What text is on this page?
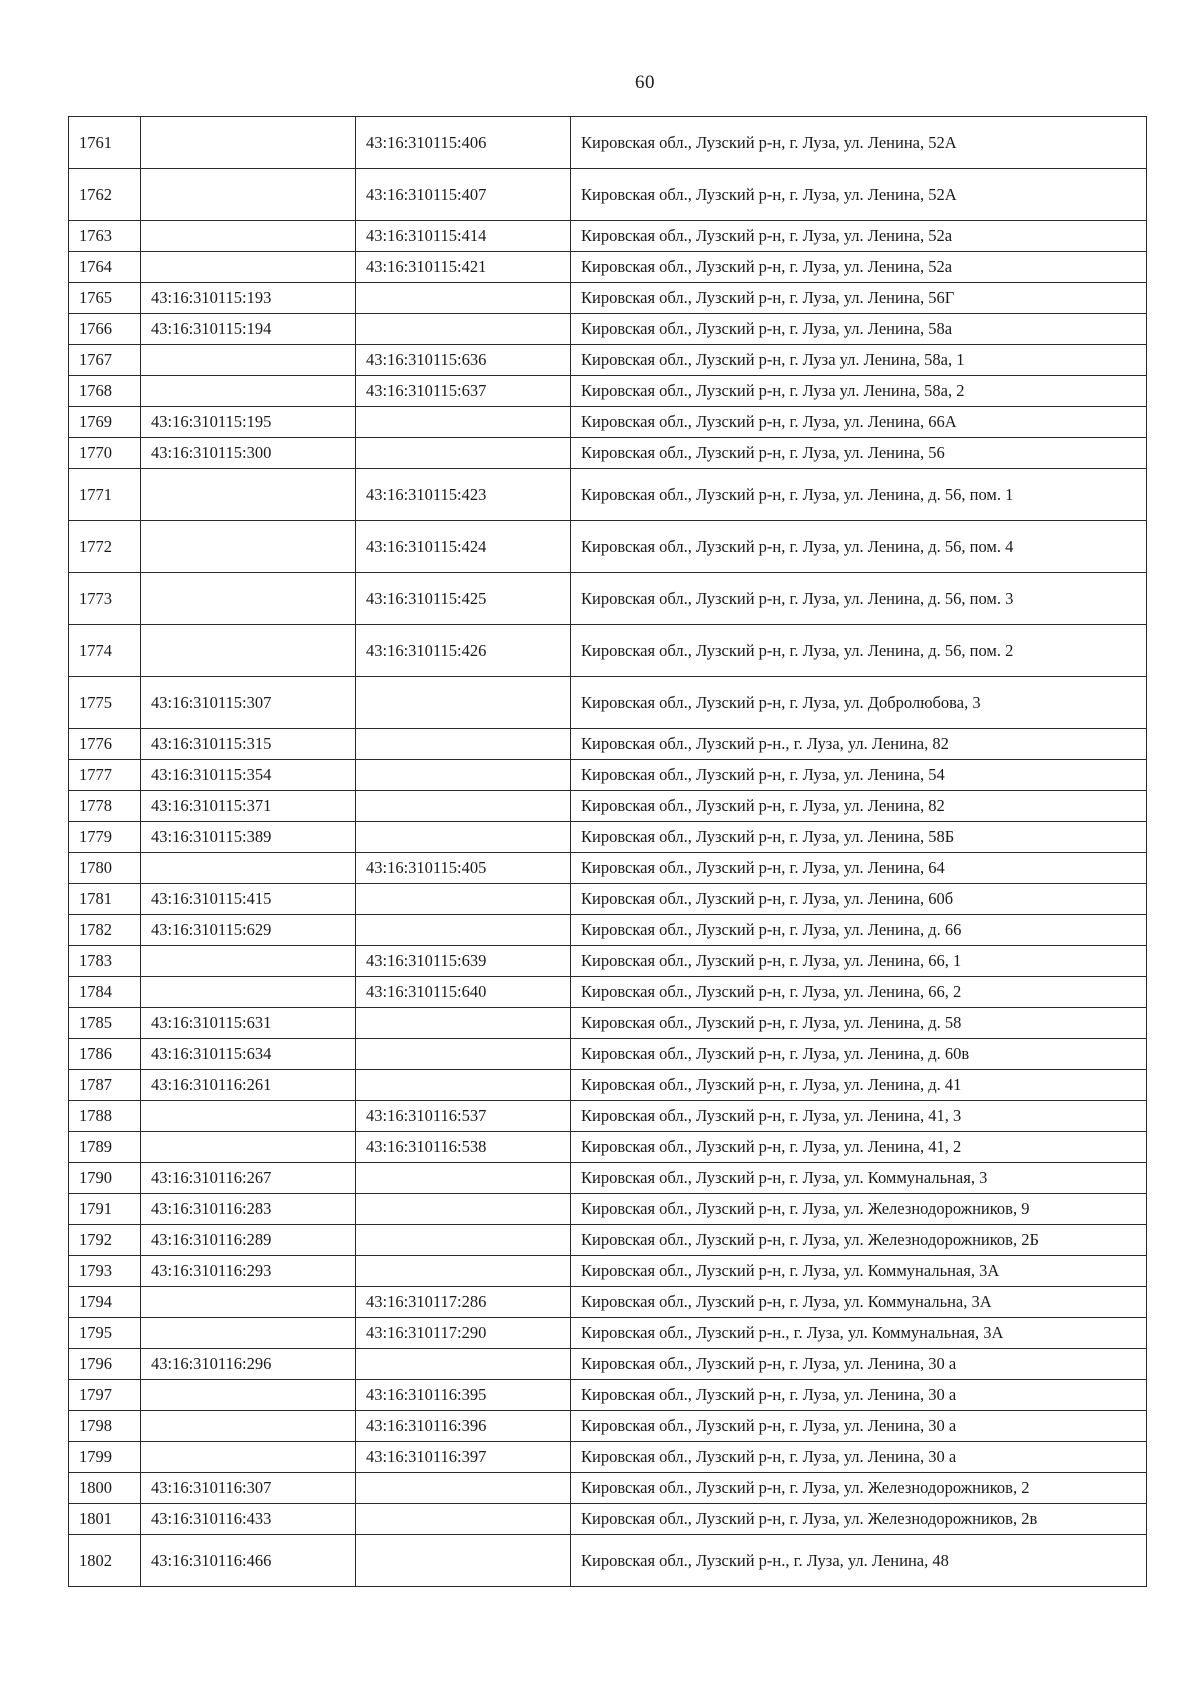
60
1761		43:16:310115:406	Кировская обл., Лузский р-н, г. Луза, ул. Ленина, 52А
1762		43:16:310115:407	Кировская обл., Лузский р-н, г. Луза, ул. Ленина, 52А
1763		43:16:310115:414	Кировская обл., Лузский р-н, г. Луза, ул. Ленина, 52а
1764		43:16:310115:421	Кировская обл., Лузский р-н, г. Луза, ул. Ленина, 52а
1765	43:16:310115:193		Кировская обл., Лузский р-н, г. Луза, ул. Ленина, 56Г
1766	43:16:310115:194		Кировская обл., Лузский р-н, г. Луза, ул. Ленина, 58а
1767		43:16:310115:636	Кировская обл., Лузский р-н, г. Луза ул. Ленина, 58а, 1
1768		43:16:310115:637	Кировская обл., Лузский р-н, г. Луза ул. Ленина, 58а, 2
1769	43:16:310115:195		Кировская обл., Лузский р-н, г. Луза, ул. Ленина, 66А
1770	43:16:310115:300		Кировская обл., Лузский р-н, г. Луза, ул. Ленина, 56
1771		43:16:310115:423	Кировская обл., Лузский р-н, г. Луза, ул. Ленина, д. 56, пом. 1
1772		43:16:310115:424	Кировская обл., Лузский р-н, г. Луза, ул. Ленина, д. 56, пом. 4
1773		43:16:310115:425	Кировская обл., Лузский р-н, г. Луза, ул. Ленина, д. 56, пом. 3
1774		43:16:310115:426	Кировская обл., Лузский р-н, г. Луза, ул. Ленина, д. 56, пом. 2
1775	43:16:310115:307		Кировская обл., Лузский р-н, г. Луза, ул. Добролюбова, 3
1776	43:16:310115:315		Кировская обл., Лузский р-н., г. Луза, ул. Ленина, 82
1777	43:16:310115:354		Кировская обл., Лузский р-н, г. Луза, ул. Ленина, 54
1778	43:16:310115:371		Кировская обл., Лузский р-н, г. Луза, ул. Ленина, 82
1779	43:16:310115:389		Кировская обл., Лузский р-н, г. Луза, ул. Ленина, 58Б
1780		43:16:310115:405	Кировская обл., Лузский р-н, г. Луза, ул. Ленина, 64
1781	43:16:310115:415		Кировская обл., Лузский р-н, г. Луза, ул. Ленина, 60б
1782	43:16:310115:629		Кировская обл., Лузский р-н, г. Луза, ул. Ленина, д. 66
1783		43:16:310115:639	Кировская обл., Лузский р-н, г. Луза, ул. Ленина, 66, 1
1784		43:16:310115:640	Кировская обл., Лузский р-н, г. Луза, ул. Ленина, 66, 2
1785	43:16:310115:631		Кировская обл., Лузский р-н, г. Луза, ул. Ленина, д. 58
1786	43:16:310115:634		Кировская обл., Лузский р-н, г. Луза, ул. Ленина, д. 60в
1787	43:16:310116:261		Кировская обл., Лузский р-н, г. Луза, ул. Ленина, д. 41
1788		43:16:310116:537	Кировская обл., Лузский р-н, г. Луза, ул. Ленина, 41, 3
1789		43:16:310116:538	Кировская обл., Лузский р-н, г. Луза, ул. Ленина, 41, 2
1790	43:16:310116:267		Кировская обл., Лузский р-н, г. Луза, ул. Коммунальная, 3
1791	43:16:310116:283		Кировская обл., Лузский р-н, г. Луза, ул. Железнодорожников, 9
1792	43:16:310116:289		Кировская обл., Лузский р-н, г. Луза, ул. Железнодорожников, 2Б
1793	43:16:310116:293		Кировская обл., Лузский р-н, г. Луза, ул. Коммунальная, 3А
1794		43:16:310117:286	Кировская обл., Лузский р-н, г. Луза, ул. Коммунальна, 3А
1795		43:16:310117:290	Кировская обл., Лузский р-н., г. Луза, ул. Коммунальная, 3А
1796	43:16:310116:296		Кировская обл., Лузский р-н, г. Луза, ул. Ленина, 30 а
1797		43:16:310116:395	Кировская обл., Лузский р-н, г. Луза, ул. Ленина, 30 а
1798		43:16:310116:396	Кировская обл., Лузский р-н, г. Луза, ул. Ленина, 30 а
1799		43:16:310116:397	Кировская обл., Лузский р-н, г. Луза, ул. Ленина, 30 а
1800	43:16:310116:307		Кировская обл., Лузский р-н, г. Луза, ул. Железнодорожников, 2
1801	43:16:310116:433		Кировская обл., Лузский р-н, г. Луза, ул. Железнодорожников, 2в
1802	43:16:310116:466		Кировская обл., Лузский р-н., г. Луза, ул. Ленина, 48
